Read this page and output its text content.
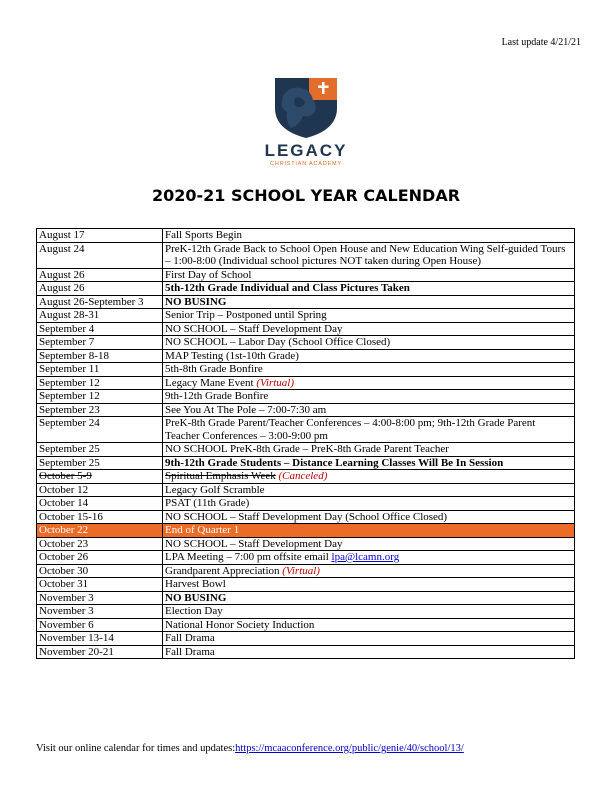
Last update 4/21/21
LEGACY
CHRISTIAN ACADEMY
2020-21 SCHOOL YEAR CALENDAR
August 17	Fall Sports Begin
August 24	PreK-12th Grade Back to School Open House and New Education Wing Self-guided Tours – 1:00-8:00 (Individual school pictures NOT taken during Open House)
August 26	First Day of School
August 26	5th-12th Grade Individual and Class Pictures Taken
August 26-September 3	NO BUSING
August 28-31	Senior Trip – Postponed until Spring
September 4	NO SCHOOL – Staff Development Day
September 7	NO SCHOOL – Labor Day (School Office Closed)
September 8-18	MAP Testing (1st-10th Grade)
September 11	5th-8th Grade Bonfire
September 12	Legacy Mane Event (Virtual)
September 12	9th-12th Grade Bonfire
September 23	See You At The Pole – 7:00-7:30 am
September 24	PreK-8th Grade Parent/Teacher Conferences – 4:00-8:00 pm; 9th-12th Grade Parent Teacher Conferences – 3:00-9:00 pm
September 25	NO SCHOOL PreK-8th Grade – PreK-8th Grade Parent Teacher
September 25	9th-12th Grade Students – Distance Learning Classes Will Be In Session
October 5-9	Spiritual Emphasis Week (Canceled)
October 12	Legacy Golf Scramble
October 14	PSAT (11th Grade)
October 15-16	NO SCHOOL – Staff Development Day (School Office Closed)
October 22	End of Quarter 1
October 23	NO SCHOOL – Staff Development Day
October 26	LPA Meeting – 7:00 pm offsite email lpa@lcamn.org
October 30	Grandparent Appreciation (Virtual)
October 31	Harvest Bowl
November 3	NO BUSING
November 3	Election Day
November 6	National Honor Society Induction
November 13-14	Fall Drama
November 20-21	Fall Drama
Visit our online calendar for times and updates:https://mcaaconference.org/public/genie/40/school/13/
